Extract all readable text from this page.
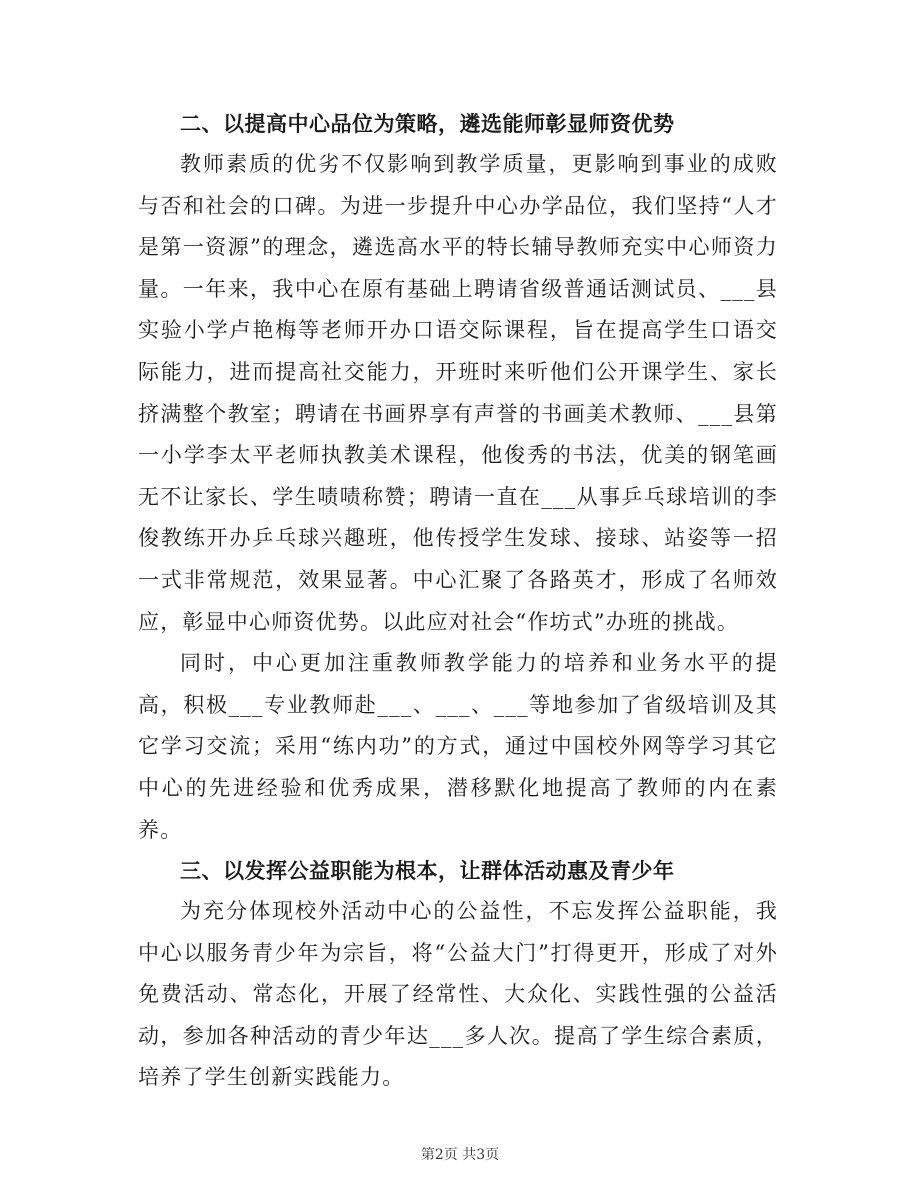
二、以提高中心品位为策略，遴选能师彰显师资优势

教师素质的优劣不仅影响到教学质量，更影响到事业的成败与否和社会的口碑。为进一步提升中心办学品位，我们坚持“人才是第一资源”的理念，遴选高水平的特长辅导教师充实中心师资力量。一年来，我中心在原有基础上聘请省级普通话测试员、___县实验小学卢艳梅等老师开办口语交际课程，旨在提高学生口语交际能力，进而提高社交能力，开班时来听他们公开课学生、家长挤满整个教室；聘请在书画界享有声誉的书画美术教师、___县第一小学李太平老师执教美术课程，他俊秀的书法，优美的钢笔画无不让家长、学生啧啧称赞；聘请一直在___从事乒乓球培训的李俊教练开办乒乓球兴趣班，他传授学生发球、接球、站姿等一招一式非常规范，效果显著。中心汇聚了各路英才，形成了名师效应，彰显中心师资优势。以此应对社会“作坊式”办班的挑战。

同时，中心更加注重教师教学能力的培养和业务水平的提高，积极___专业教师赴___、___、___等地参加了省级培训及其它学习交流；采用“练内功”的方式，通过中国校外网等学习其它中心的先进经验和优秀成果，潜移默化地提高了教师的内在素养。

三、以发挥公益职能为根本，让群体活动惠及青少年

为充分体现校外活动中心的公益性，不忘发挥公益职能，我中心以服务青少年为宗旨，将“公益大门”打得更开，形成了对外免费活动、常态化，开展了经常性、大众化、实践性强的公益活动，参加各种活动的青少年达___多人次。提高了学生综合素质，培养了学生创新实践能力。

第2页 共3页
